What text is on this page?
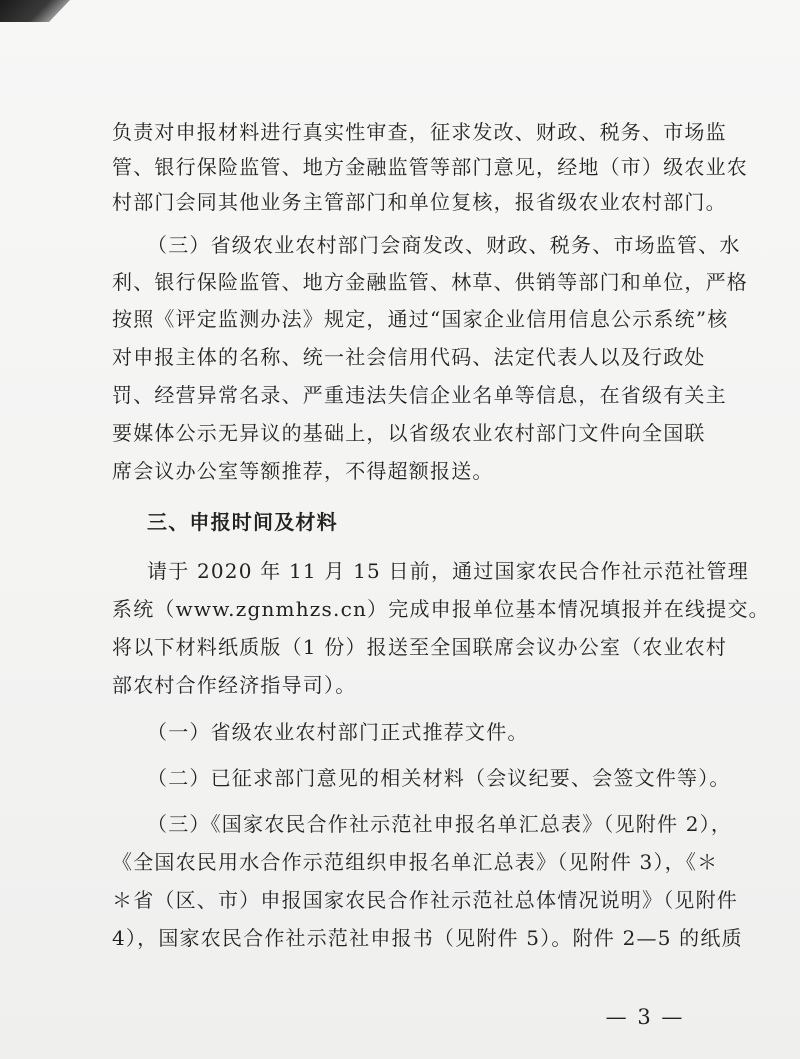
负责对申报材料进行真实性审查，征求发改、财政、税务、市场监
管、银行保险监管、地方金融监管等部门意见，经地（市）级农业农
村部门会同其他业务主管部门和单位复核，报省级农业农村部门。
（三）省级农业农村部门会商发改、财政、税务、市场监管、水
利、银行保险监管、地方金融监管、林草、供销等部门和单位，严格
按照《评定监测办法》规定，通过“国家企业信用信息公示系统”核
对申报主体的名称、统一社会信用代码、法定代表人以及行政处
罚、经营异常名录、严重违法失信企业名单等信息，在省级有关主
要媒体公示无异议的基础上，以省级农业农村部门文件向全国联
席会议办公室等额推荐，不得超额报送。
三、申报时间及材料
请于 2020 年 11 月 15 日前，通过国家农民合作社示范社管理
系统（www.zgnmhzs.cn）完成申报单位基本情况填报并在线提交。
将以下材料纸质版（1 份）报送至全国联席会议办公室（农业农村
部农村合作经济指导司）。
（一）省级农业农村部门正式推荐文件。
（二）已征求部门意见的相关材料（会议纪要、会签文件等）。
（三）《国家农民合作社示范社申报名单汇总表》（见附件 2），
《全国农民用水合作示范组织申报名单汇总表》（见附件 3），《＊
＊省（区、市）申报国家农民合作社示范社总体情况说明》（见附件
4），国家农民合作社示范社申报书（见附件 5）。附件 2—5 的纸质
— 3 —
